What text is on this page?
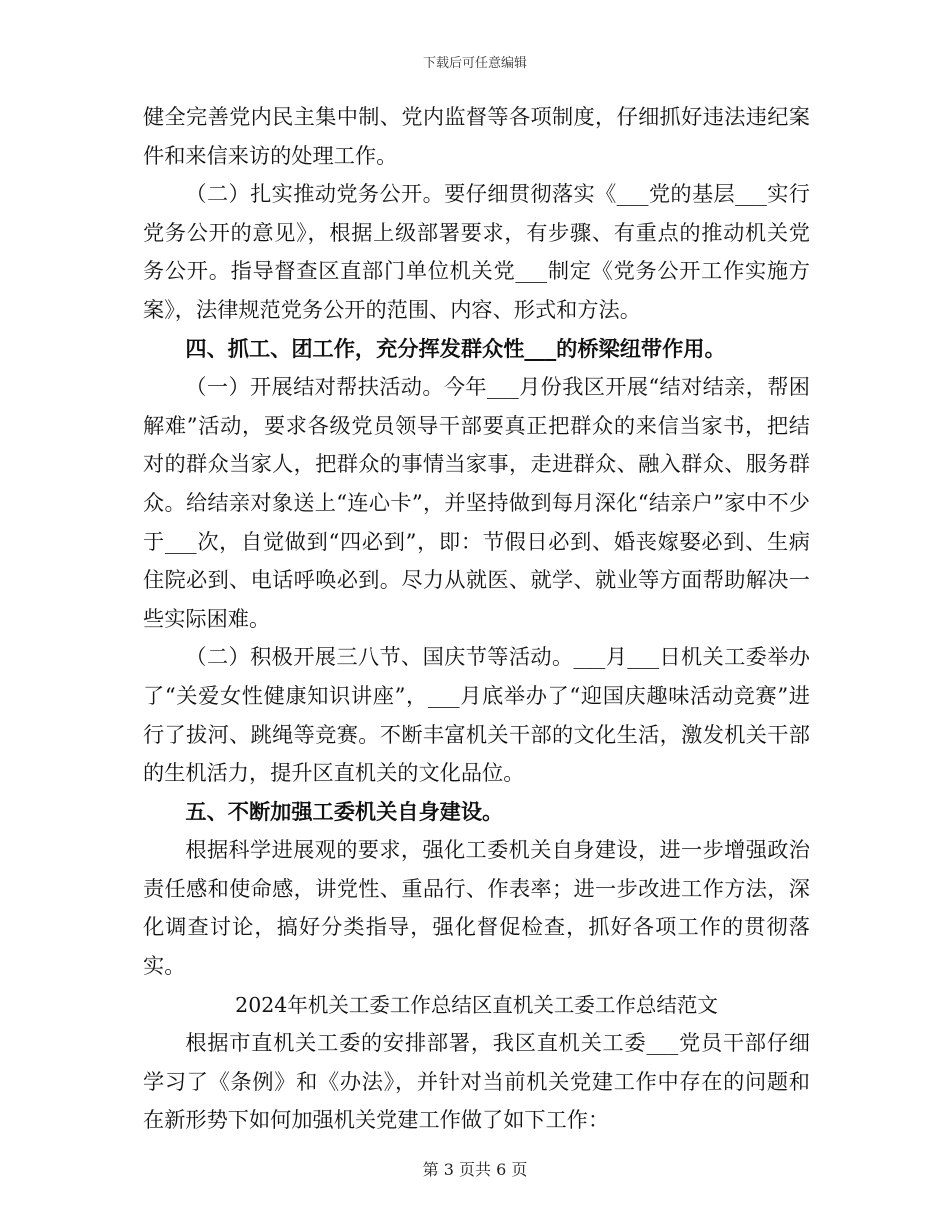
下载后可任意编辑

健全完善党内民主集中制、党内监督等各项制度，仔细抓好违法违纪案件和来信来访的处理工作。

（二）扎实推动党务公开。要仔细贯彻落实《___党的基层___实行党务公开的意见》，根据上级部署要求，有步骤、有重点的推动机关党务公开。指导督查区直部门单位机关党___制定《党务公开工作实施方案》，法律规范党务公开的范围、内容、形式和方法。

四、抓工、团工作，充分挥发群众性___的桥梁纽带作用。

（一）开展结对帮扶活动。今年___月份我区开展“结对结亲，帮困解难”活动，要求各级党员领导干部要真正把群众的来信当家书，把结对的群众当家人，把群众的事情当家事，走进群众、融入群众、服务群众。给结亲对象送上“连心卡”，并坚持做到每月深化“结亲户”家中不少于___次，自觉做到“四必到”，即：节假日必到、婚丧嫁娶必到、生病住院必到、电话呼唤必到。尽力从就医、就学、就业等方面帮助解决一些实际困难。

（二）积极开展三八节、国庆节等活动。___月___日机关工委举办了“关爱女性健康知识讲座”，___月底举办了“迎国庆趣味活动竞赛”进行了拔河、跳绳等竞赛。不断丰富机关干部的文化生活，激发机关干部的生机活力，提升区直机关的文化品位。

五、不断加强工委机关自身建设。

根据科学进展观的要求，强化工委机关自身建设，进一步增强政治责任感和使命感，讲党性、重品行、作表率；进一步改进工作方法，深化调查讨论，搞好分类指导，强化督促检查，抓好各项工作的贯彻落实。

2024年机关工委工作总结区直机关工委工作总结范文

根据市直机关工委的安排部署，我区直机关工委___党员干部仔细学习了《条例》和《办法》，并针对当前机关党建工作中存在的问题和在新形势下如何加强机关党建工作做了如下工作：

第 3 页共 6 页
